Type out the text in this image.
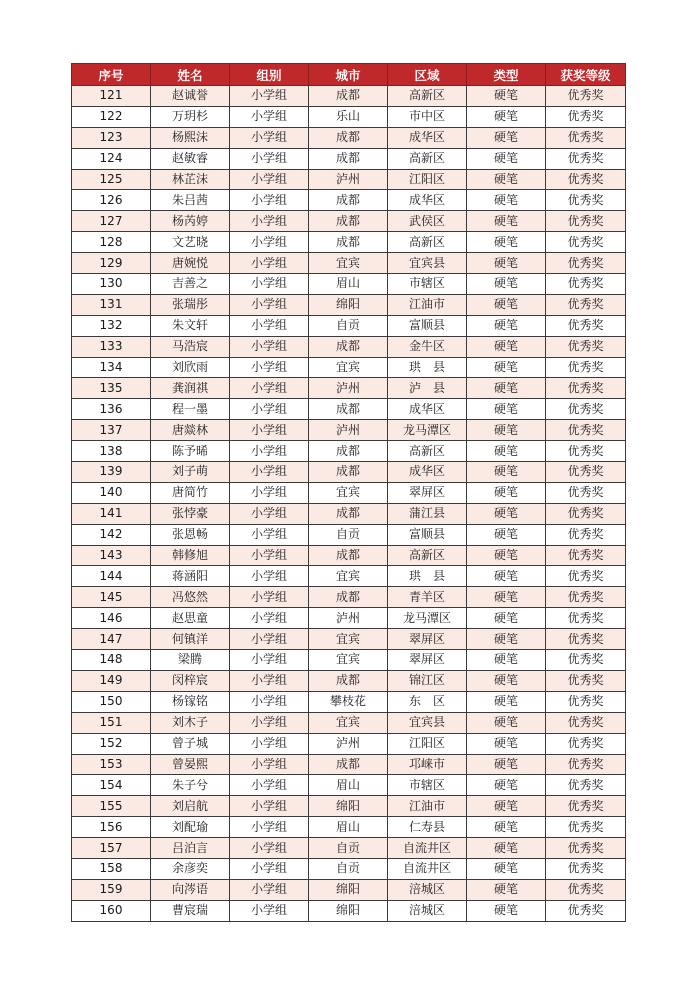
序号	姓名	组别	城市	区域	类型	获奖等级
121	赵诚誉	小学组	成都	高新区	硬笔	优秀奖
122	万玥杉	小学组	乐山	市中区	硬笔	优秀奖
123	杨熙沫	小学组	成都	成华区	硬笔	优秀奖
124	赵敏睿	小学组	成都	高新区	硬笔	优秀奖
125	林芷沫	小学组	泸州	江阳区	硬笔	优秀奖
126	朱吕茜	小学组	成都	成华区	硬笔	优秀奖
127	杨芮婷	小学组	成都	武侯区	硬笔	优秀奖
128	文艺晓	小学组	成都	高新区	硬笔	优秀奖
129	唐婉悦	小学组	宜宾	宜宾县	硬笔	优秀奖
130	吉善之	小学组	眉山	市辖区	硬笔	优秀奖
131	张瑞彤	小学组	绵阳	江油市	硬笔	优秀奖
132	朱文轩	小学组	自贡	富顺县	硬笔	优秀奖
133	马浩宸	小学组	成都	金牛区	硬笔	优秀奖
134	刘欣雨	小学组	宜宾	珙　县	硬笔	优秀奖
135	龚润祺	小学组	泸州	泸　县	硬笔	优秀奖
136	程一墨	小学组	成都	成华区	硬笔	优秀奖
137	唐燚林	小学组	泸州	龙马潭区	硬笔	优秀奖
138	陈予晞	小学组	成都	高新区	硬笔	优秀奖
139	刘子萌	小学组	成都	成华区	硬笔	优秀奖
140	唐简竹	小学组	宜宾	翠屏区	硬笔	优秀奖
141	张悖豪	小学组	成都	蒲江县	硬笔	优秀奖
142	张恩畅	小学组	自贡	富顺县	硬笔	优秀奖
143	韩修旭	小学组	成都	高新区	硬笔	优秀奖
144	蒋涵阳	小学组	宜宾	珙　县	硬笔	优秀奖
145	冯悠然	小学组	成都	青羊区	硬笔	优秀奖
146	赵思童	小学组	泸州	龙马潭区	硬笔	优秀奖
147	何镇洋	小学组	宜宾	翠屏区	硬笔	优秀奖
148	梁腾	小学组	宜宾	翠屏区	硬笔	优秀奖
149	闵梓宸	小学组	成都	锦江区	硬笔	优秀奖
150	杨镓铭	小学组	攀枝花	东　区	硬笔	优秀奖
151	刘木子	小学组	宜宾	宜宾县	硬笔	优秀奖
152	曾子城	小学组	泸州	江阳区	硬笔	优秀奖
153	曾晏熙	小学组	成都	邛崃市	硬笔	优秀奖
154	朱子兮	小学组	眉山	市辖区	硬笔	优秀奖
155	刘启航	小学组	绵阳	江油市	硬笔	优秀奖
156	刘配瑜	小学组	眉山	仁寿县	硬笔	优秀奖
157	吕泊言	小学组	自贡	自流井区	硬笔	优秀奖
158	余彦奕	小学组	自贡	自流井区	硬笔	优秀奖
159	向涔语	小学组	绵阳	涪城区	硬笔	优秀奖
160	曹宸瑞	小学组	绵阳	涪城区	硬笔	优秀奖
